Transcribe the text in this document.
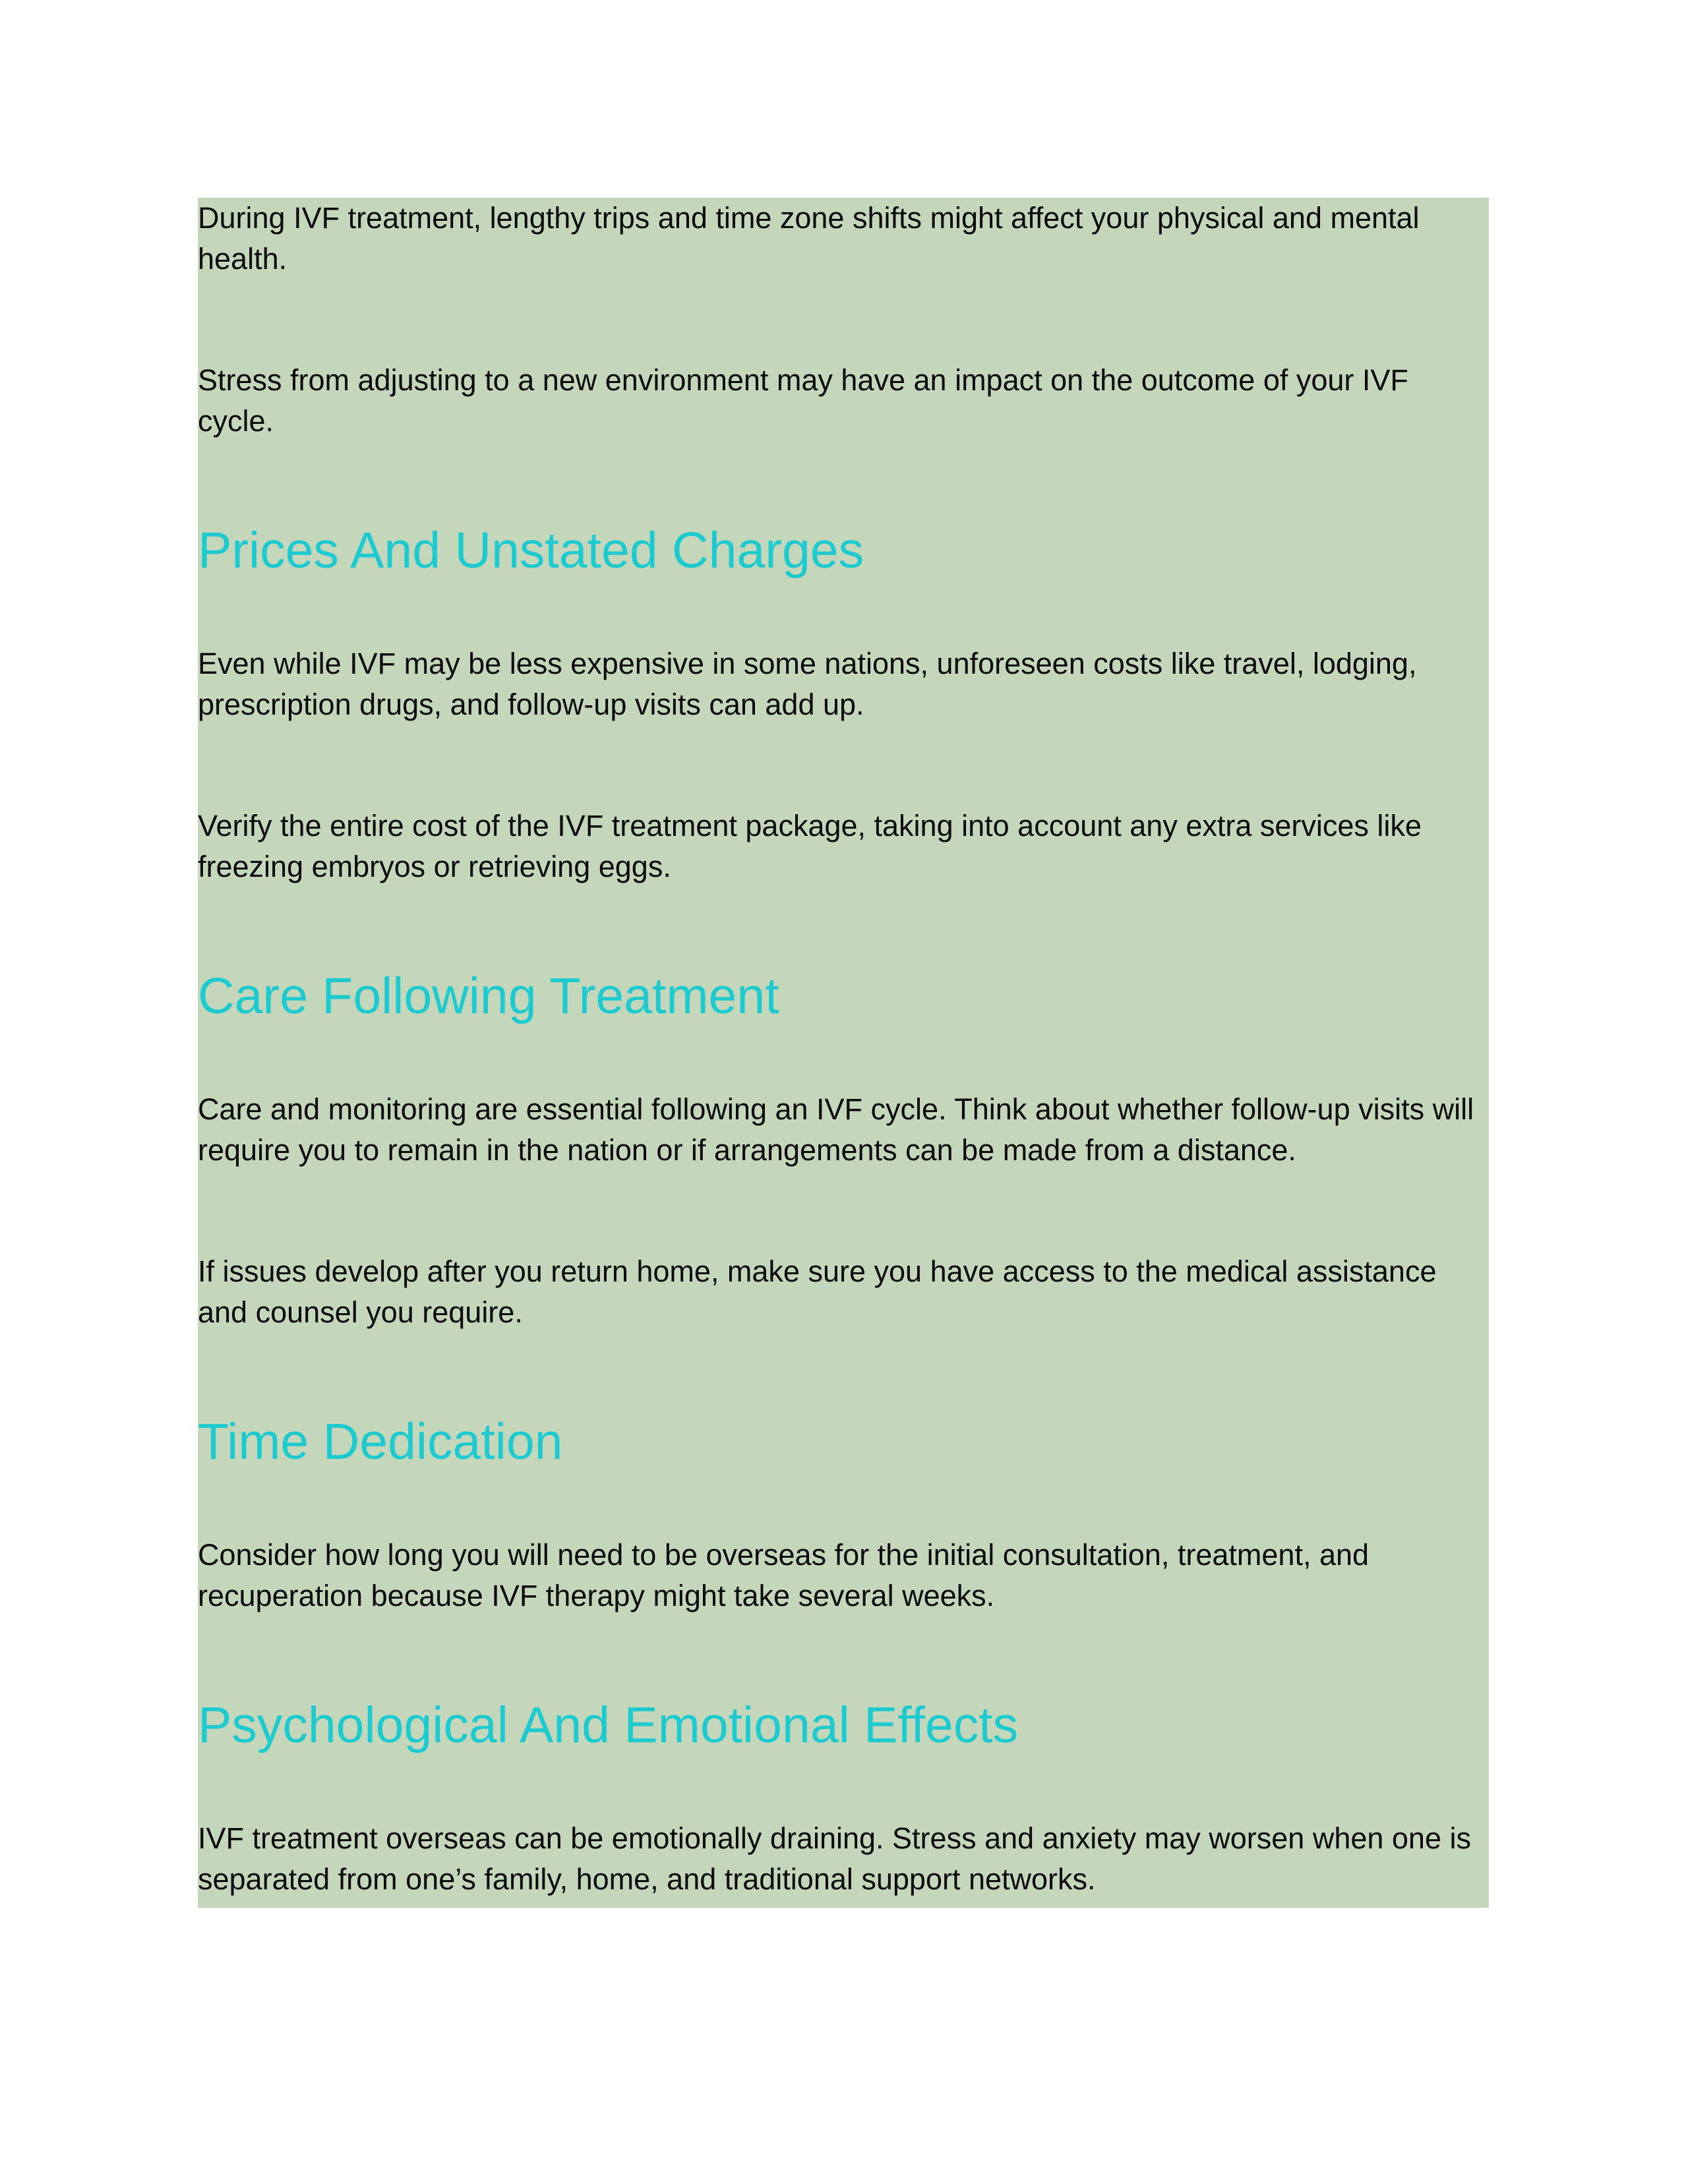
During IVF treatment, lengthy trips and time zone shifts might affect your physical and mental health.

Stress from adjusting to a new environment may have an impact on the outcome of your IVF cycle.

Prices And Unstated Charges

Even while IVF may be less expensive in some nations, unforeseen costs like travel, lodging, prescription drugs, and follow-up visits can add up.

Verify the entire cost of the IVF treatment package, taking into account any extra services like freezing embryos or retrieving eggs.

Care Following Treatment

Care and monitoring are essential following an IVF cycle. Think about whether follow-up visits will require you to remain in the nation or if arrangements can be made from a distance.

If issues develop after you return home, make sure you have access to the medical assistance and counsel you require.

Time Dedication

Consider how long you will need to be overseas for the initial consultation, treatment, and recuperation because IVF therapy might take several weeks.

Psychological And Emotional Effects

IVF treatment overseas can be emotionally draining. Stress and anxiety may worsen when one is separated from one’s family, home, and traditional support networks.
